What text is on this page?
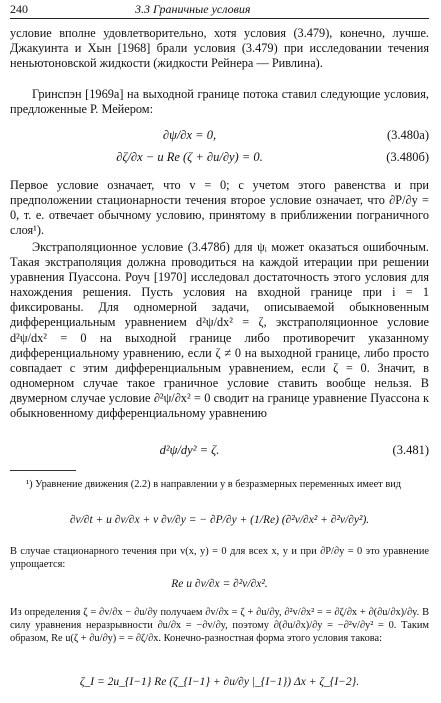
240	3.3 Граничные условия

условие вполне удовлетворительно, хотя условия (3.479), конечно, лучше. Джакуинта и Хын [1968] брали условия (3.479) при исследовании течения неньютоновской жидкости (жидкости Рейнера — Ривлина).

Гринспэн [1969а] на выходной границе потока ставил следующие условия, предложенные Р. Мейером:

∂ψ/∂x = 0,	(3.480а)
∂ζ/∂x − u Re (ζ + ∂u/∂y) = 0.	(3.480б)

Первое условие означает, что v = 0; с учетом этого равенства и при предположении стационарности течения второе условие означает, что ∂P/∂y = 0, т. е. отвечает обычному условию, принятому в приближении пограничного слоя¹).

Экстраполяционное условие (3.478б) для ψᵢ может оказаться ошибочным. Такая экстраполяция должна проводиться на каждой итерации при решении уравнения Пуассона. Роуч [1970] исследовал достаточность этого условия для нахождения решения. Пусть условия на входной границе при i = 1 фиксированы. Для одномерной задачи, описываемой обыкновенным дифференциальным уравнением d²ψ/dx² = ζ, экстраполяционное условие d²ψ/dx² = 0 на выходной границе либо противоречит указанному дифференциальному уравнению, если ζ ≠ 0 на выходной границе, либо просто совпадает с этим дифференциальным уравнением, если ζ = 0. Значит, в одномерном случае такое граничное условие ставить вообще нельзя. В двумерном случае условие ∂²ψ/∂x² = 0 сводит на границе уравнение Пуассона к обыкновенному дифференциальному уравнению

d²ψ/dy² = ζ.	(3.481)

¹) Уравнение движения (2.2) в направлении y в безразмерных переменных имеет вид

∂v/∂t + u ∂v/∂x + v ∂v/∂y = − ∂P/∂y + (1/Re) (∂²v/∂x² + ∂²v/∂y²).

В случае стационарного течения при v(x, y) = 0 для всех x, y и при ∂P/∂y = 0 это уравнение упрощается:

Re u ∂v/∂x = ∂²v/∂x².

Из определения ζ = ∂v/∂x − ∂u/∂y получаем ∂v/∂x = ζ + ∂u/∂y, ∂²v/∂x² = = ∂ζ/∂x + ∂(∂u/∂x)/∂y. В силу уравнения неразрывности ∂u/∂x = −∂v/∂y, поэтому ∂(∂u/∂x)/∂y = −∂²v/∂y² = 0. Таким образом, Re u(ζ + ∂u/∂y) = = ∂ζ/∂x. Конечно-разностная форма этого условия такова:

ζ_I = 2u_{I−1} Re (ζ_{I−1} + ∂u/∂y |_{I−1}) Δx + ζ_{I−2}.
